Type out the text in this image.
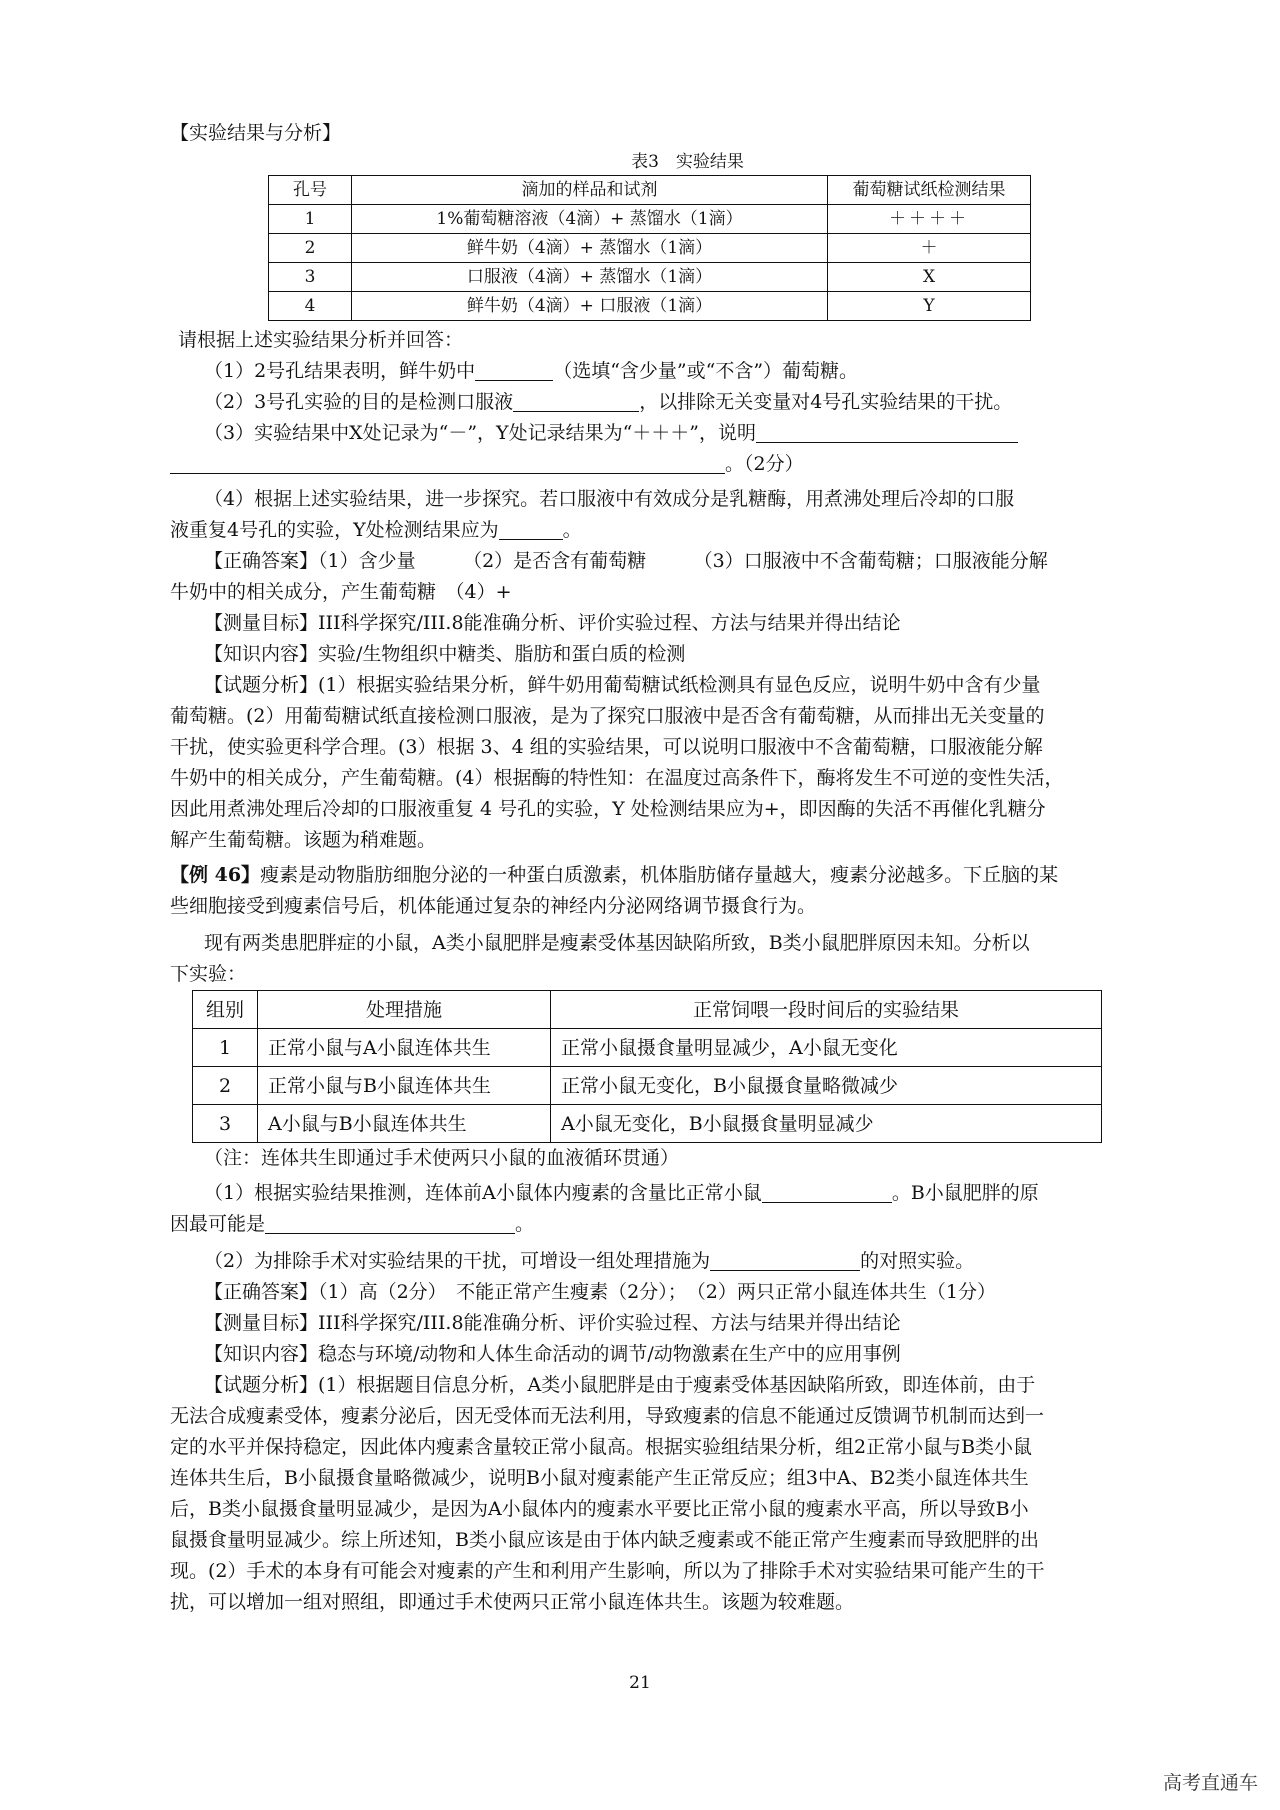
【实验结果与分析】

表3　实验结果
孔号	滴加的样品和试剂	葡萄糖试纸检测结果
1	1%葡萄糖溶液（4滴）+ 蒸馏水（1滴）	＋＋＋＋
2	鲜牛奶（4滴）+ 蒸馏水（1滴）	＋
3	口服液（4滴）+ 蒸馏水（1滴）	X
4	鲜牛奶（4滴）+ 口服液（1滴）	Y

请根据上述实验结果分析并回答：

（1）2号孔结果表明，鲜牛奶中	（选填“含少量”或“不含”）葡萄糖。

（2）3号孔实验的目的是检测口服液	，以排除无关变量对4号孔实验结果的干扰。

（3）实验结果中X处记录为“－”，Y处记录结果为“＋＋＋”，说明

。（2分）

（4）根据上述实验结果，进一步探究。若口服液中有效成分是乳糖酶，用煮沸处理后冷却的口服

液重复4号孔的实验，Y处检测结果应为	。

【正确答案】（1）含少量　　　（2）是否含有葡萄糖　　　（3）口服液中不含葡萄糖；口服液能分解

牛奶中的相关成分，产生葡萄糖　（4）+

【测量目标】III科学探究/III.8能准确分析、评价实验过程、方法与结果并得出结论

【知识内容】实验/生物组织中糖类、脂肪和蛋白质的检测

【试题分析】(1）根据实验结果分析，鲜牛奶用葡萄糖试纸检测具有显色反应，说明牛奶中含有少量

葡萄糖。(2）用葡萄糖试纸直接检测口服液，是为了探究口服液中是否含有葡萄糖，从而排出无关变量的

干扰，使实验更科学合理。(3）根据 3、4 组的实验结果，可以说明口服液中不含葡萄糖，口服液能分解

牛奶中的相关成分，产生葡萄糖。(4）根据酶的特性知：在温度过高条件下，酶将发生不可逆的变性失活，

因此用煮沸处理后冷却的口服液重复 4 号孔的实验，Y 处检测结果应为+，即因酶的失活不再催化乳糖分

解产生葡萄糖。该题为稍难题。

【例 46】瘦素是动物脂肪细胞分泌的一种蛋白质激素，机体脂肪储存量越大，瘦素分泌越多。下丘脑的某

些细胞接受到瘦素信号后，机体能通过复杂的神经内分泌网络调节摄食行为。

现有两类患肥胖症的小鼠，A类小鼠肥胖是瘦素受体基因缺陷所致，B类小鼠肥胖原因未知。分析以

下实验：

组别	处理措施	正常饲喂一段时间后的实验结果
1	正常小鼠与A小鼠连体共生	正常小鼠摄食量明显减少，A小鼠无变化
2	正常小鼠与B小鼠连体共生	正常小鼠无变化，B小鼠摄食量略微减少
3	A小鼠与B小鼠连体共生	A小鼠无变化，B小鼠摄食量明显减少

（注：连体共生即通过手术使两只小鼠的血液循环贯通）

（1）根据实验结果推测，连体前A小鼠体内瘦素的含量比正常小鼠	。B小鼠肥胖的原

因最可能是	。

（2）为排除手术对实验结果的干扰，可增设一组处理措施为	的对照实验。

【正确答案】（1）高（2分）　不能正常产生瘦素（2分）；　（2）两只正常小鼠连体共生（1分）

【测量目标】III科学探究/III.8能准确分析、评价实验过程、方法与结果并得出结论

【知识内容】稳态与环境/动物和人体生命活动的调节/动物激素在生产中的应用事例

【试题分析】(1）根据题目信息分析，A类小鼠肥胖是由于瘦素受体基因缺陷所致，即连体前，由于

无法合成瘦素受体，瘦素分泌后，因无受体而无法利用，导致瘦素的信息不能通过反馈调节机制而达到一

定的水平并保持稳定，因此体内瘦素含量较正常小鼠高。根据实验组结果分析，组2正常小鼠与B类小鼠

连体共生后，B小鼠摄食量略微减少，说明B小鼠对瘦素能产生正常反应；组3中A、B2类小鼠连体共生

后，B类小鼠摄食量明显减少，是因为A小鼠体内的瘦素水平要比正常小鼠的瘦素水平高，所以导致B小

鼠摄食量明显减少。综上所述知，B类小鼠应该是由于体内缺乏瘦素或不能正常产生瘦素而导致肥胖的出

现。(2）手术的本身有可能会对瘦素的产生和利用产生影响，所以为了排除手术对实验结果可能产生的干

扰，可以增加一组对照组，即通过手术使两只正常小鼠连体共生。该题为较难题。

21
高考直通车
